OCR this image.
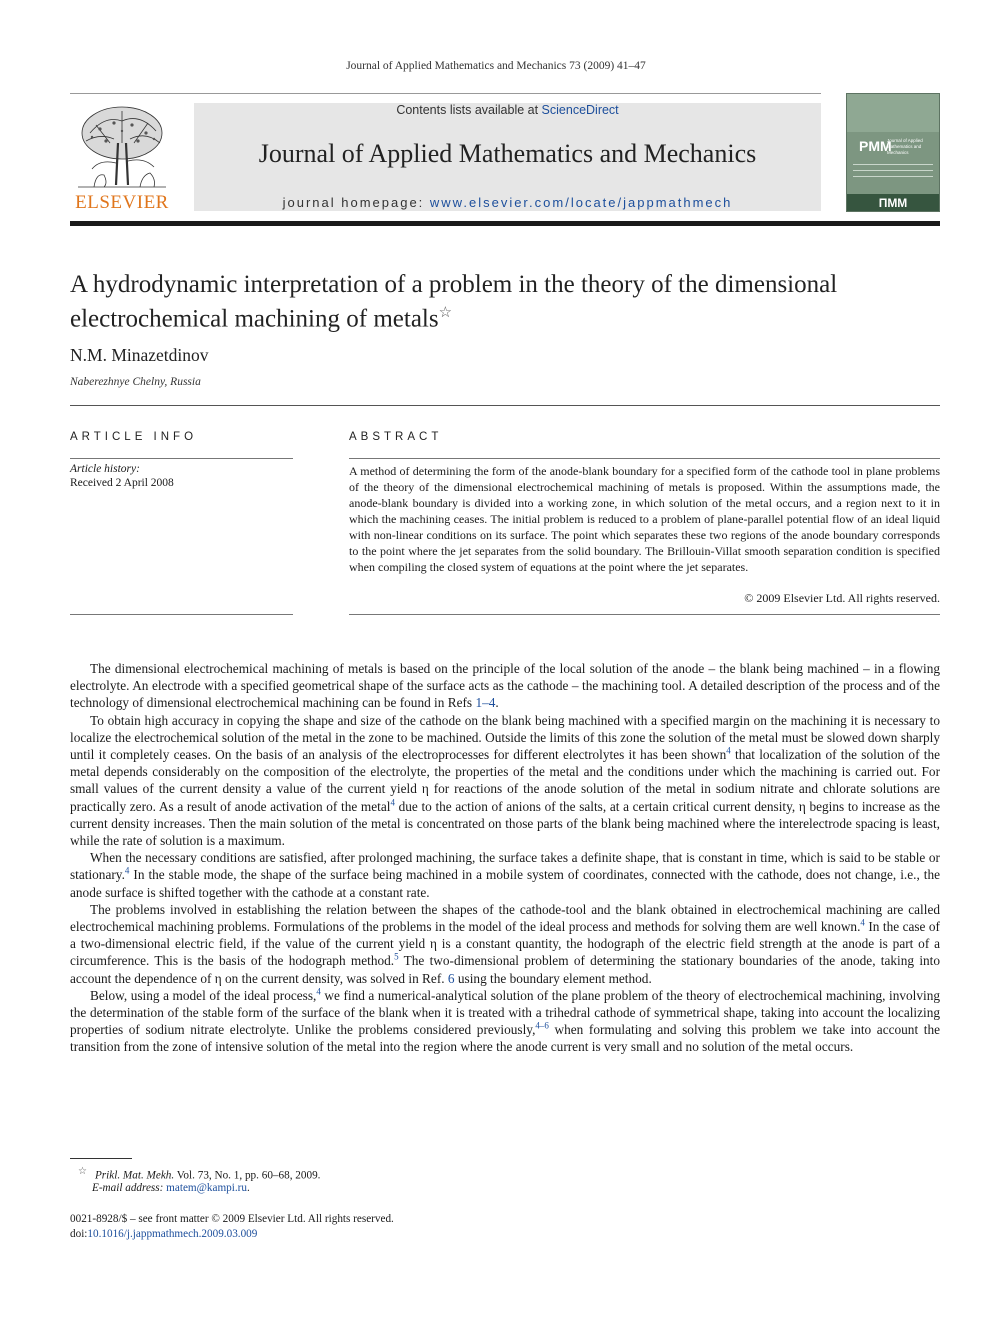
Journal of Applied Mathematics and Mechanics 73 (2009) 41–47
ELSEVIER
Contents lists available at ScienceDirect
Journal of Applied Mathematics and Mechanics
journal homepage: www.elsevier.com/locate/jappmathmech
PMM
Journal of Applied Mathematics and Mechanics
ПММ
A hydrodynamic interpretation of a problem in the theory of the dimensional
electrochemical machining of metals☆
N.M. Minazetdinov
Naberezhnye Chelny, Russia
ARTICLE INFO	ABSTRACT
Article history:
Received 2 April 2008
A method of determining the form of the anode-blank boundary for a specified form of the cathode tool in plane problems of the theory of the dimensional electrochemical machining of metals is proposed. Within the assumptions made, the anode-blank boundary is divided into a working zone, in which solution of the metal occurs, and a region next to it in which the machining ceases. The initial problem is reduced to a problem of plane-parallel potential flow of an ideal liquid with non-linear conditions on its surface. The point which separates these two regions of the anode boundary corresponds to the point where the jet separates from the solid boundary. The Brillouin-Villat smooth separation condition is specified when compiling the closed system of equations at the point where the jet separates.
© 2009 Elsevier Ltd. All rights reserved.

The dimensional electrochemical machining of metals is based on the principle of the local solution of the anode – the blank being machined – in a flowing electrolyte. An electrode with a specified geometrical shape of the surface acts as the cathode – the machining tool. A detailed description of the process and of the technology of dimensional electrochemical machining can be found in Refs 1–4.

To obtain high accuracy in copying the shape and size of the cathode on the blank being machined with a specified margin on the machining it is necessary to localize the electrochemical solution of the metal in the zone to be machined. Outside the limits of this zone the solution of the metal must be slowed down sharply until it completely ceases. On the basis of an analysis of the electroprocesses for different electrolytes it has been shown$^4$ that localization of the solution of the metal depends considerably on the composition of the electrolyte, the properties of the metal and the conditions under which the machining is carried out. For small values of the current density a value of the current yield η for reactions of the anode solution of the metal in sodium nitrate and chlorate solutions are practically zero. As a result of anode activation of the metal$^4$ due to the action of anions of the salts, at a certain critical current density, η begins to increase as the current density increases. Then the main solution of the metal is concentrated on those parts of the blank being machined where the interelectrode spacing is least, while the rate of solution is a maximum.

When the necessary conditions are satisfied, after prolonged machining, the surface takes a definite shape, that is constant in time, which is said to be stable or stationary.$^4$ In the stable mode, the shape of the surface being machined in a mobile system of coordinates, connected with the cathode, does not change, i.e., the anode surface is shifted together with the cathode at a constant rate.

The problems involved in establishing the relation between the shapes of the cathode-tool and the blank obtained in electrochemical machining are called electrochemical machining problems. Formulations of the problems in the model of the ideal process and methods for solving them are well known.$^4$ In the case of a two-dimensional electric field, if the value of the current yield η is a constant quantity, the hodograph of the electric field strength at the anode is part of a circumference. This is the basis of the hodograph method.$^5$ The two-dimensional problem of determining the stationary boundaries of the anode, taking into account the dependence of η on the current density, was solved in Ref. 6 using the boundary element method.

Below, using a model of the ideal process,$^4$ we find a numerical-analytical solution of the plane problem of the theory of electrochemical machining, involving the determination of the stable form of the surface of the blank when it is treated with a trihedral cathode of symmetrical shape, taking into account the localizing properties of sodium nitrate electrolyte. Unlike the problems considered previously,$^{4-6}$ when formulating and solving this problem we take into account the transition from the zone of intensive solution of the metal into the region where the anode current is very small and no solution of the metal occurs.

☆ Prikl. Mat. Mekh. Vol. 73, No. 1, pp. 60–68, 2009.
E-mail address: matem@kampi.ru.
0021-8928/$ – see front matter © 2009 Elsevier Ltd. All rights reserved.
doi:10.1016/j.jappmathmech.2009.03.009
